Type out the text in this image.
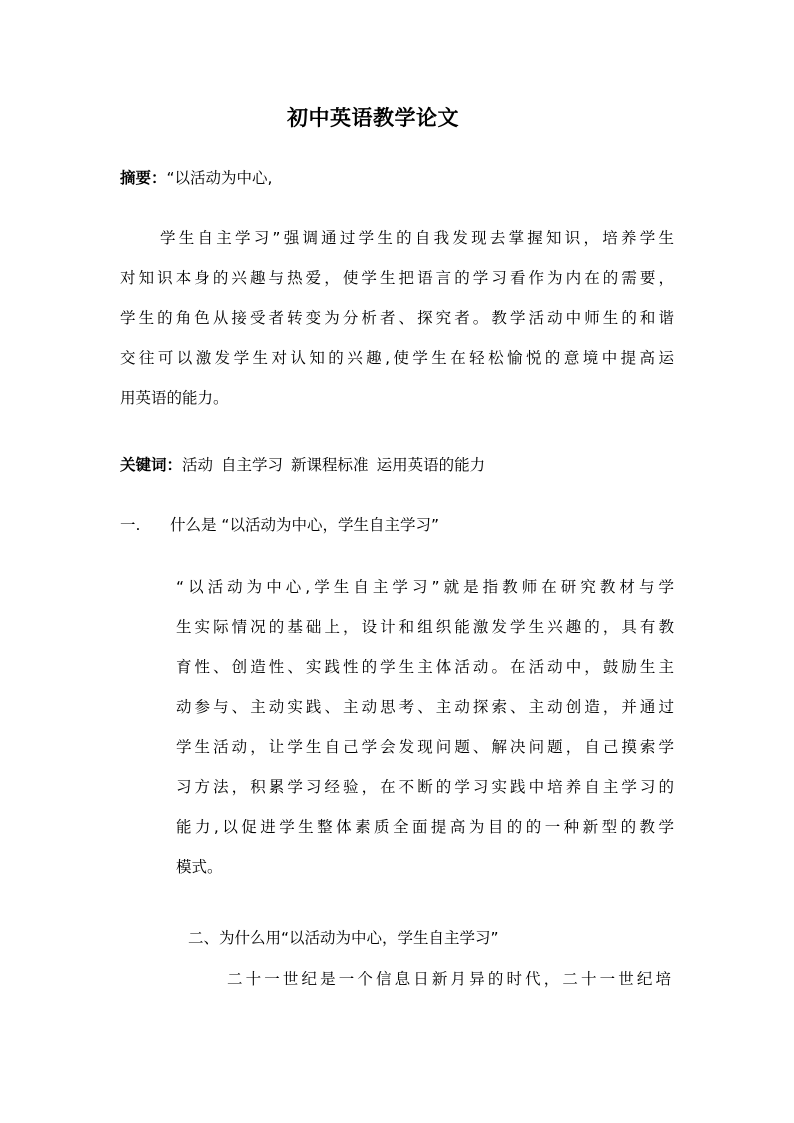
初中英语教学论文
摘要：“以活动为中心,
学生自主学习”强调通过学生的自我发现去掌握知识，培养学生
对知识本身的兴趣与热爱，使学生把语言的学习看作为内在的需要，
学生的角色从接受者转变为分析者、探究者。教学活动中师生的和谐
交往可以激发学生对认知的兴趣,使学生在轻松愉悦的意境中提高运
用英语的能力。
关键词：活动 自主学习 新课程标准 运用英语的能力
一. 什么是 “以活动为中心，学生自主学习”
“以活动为中心,学生自主学习”就是指教师在研究教材与学
生实际情况的基础上，设计和组织能激发学生兴趣的，具有教
育性、创造性、实践性的学生主体活动。在活动中，鼓励生主
动参与、主动实践、主动思考、主动探索、主动创造，并通过
学生活动，让学生自己学会发现问题、解决问题，自己摸索学
习方法，积累学习经验，在不断的学习实践中培养自主学习的
能力,以促进学生整体素质全面提高为目的的一种新型的教学
模式。
二、为什么用“以活动为中心，学生自主学习”
二十一世纪是一个信息日新月异的时代，二十一世纪培
